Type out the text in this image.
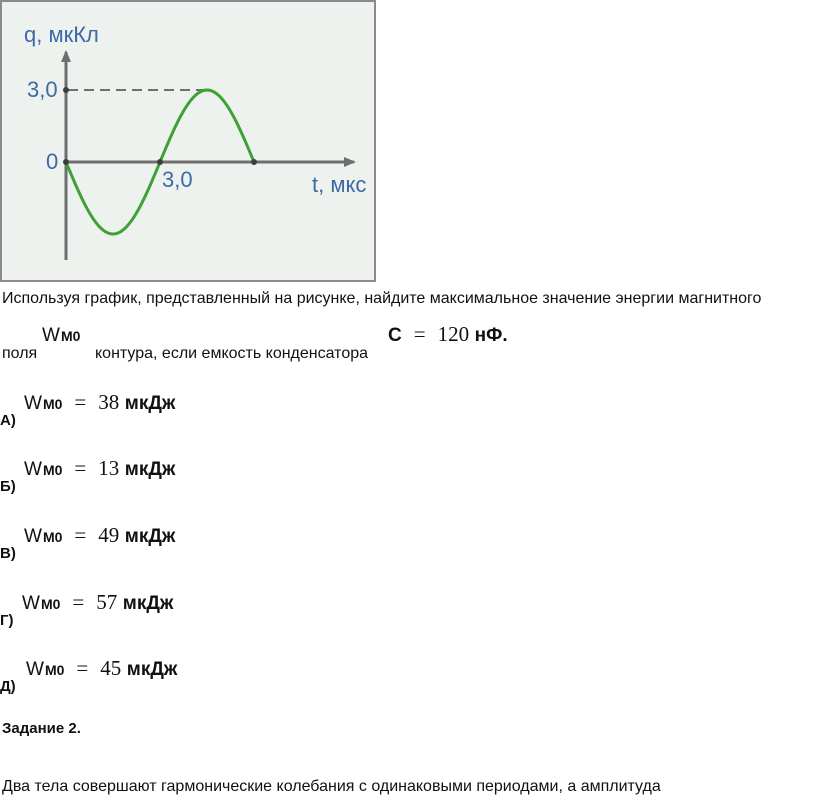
q, мкКл
t, мкс
3,0
0
3,0
Используя график, представленный на рисунке, найдите максимальное значение энергии магнитного
поля
WM0
контура, если емкость конденсатора
C = 120 нФ.
А)
WM0 = 38 мкДж
Б)
WM0 = 13 мкДж
В)
WM0 = 49 мкДж
Г)
WM0 = 57 мкДж
Д)
WM0 = 45 мкДж
Задание 2.
Два тела совершают гармонические колебания с одинаковыми периодами, а амплитуда
